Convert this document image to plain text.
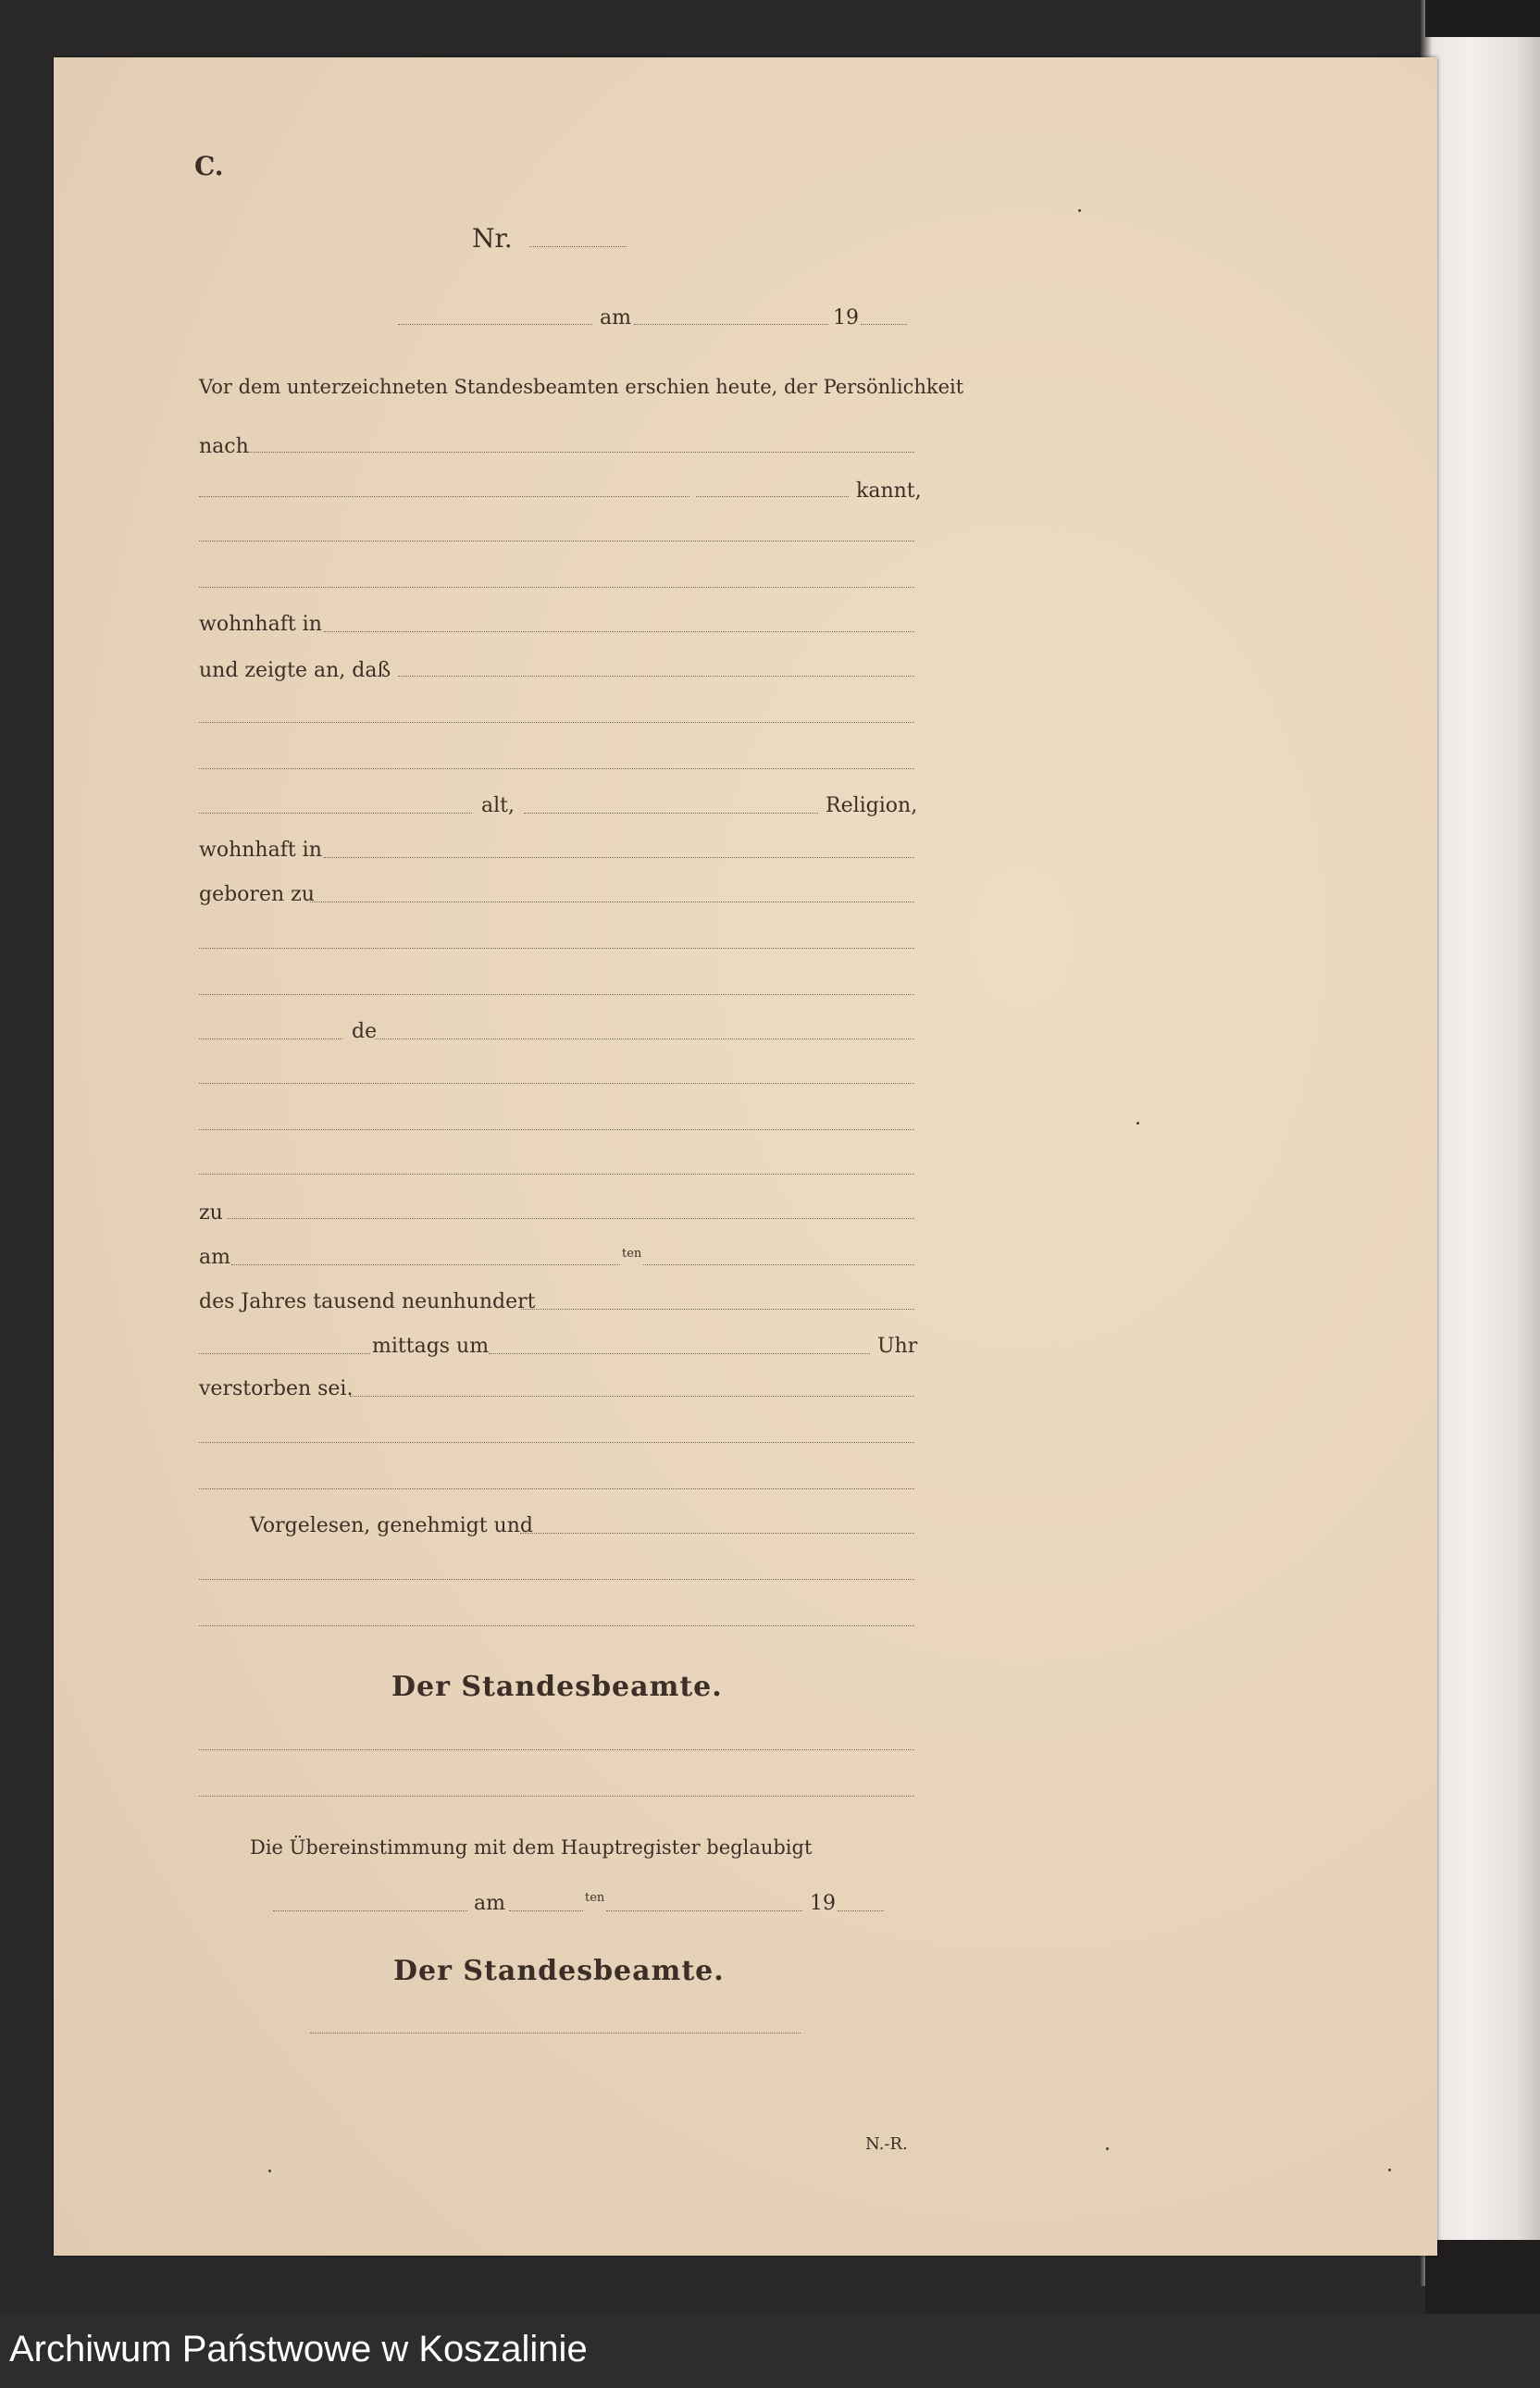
C.
Nr.
am	19
Vor dem unterzeichneten Standesbeamten erschien heute, der Persönlichkeit
nach
kannt,
wohnhaft in
und zeigte an, daß
alt,	Religion,
wohnhaft in
geboren zu
de
zu
am	ten
des Jahres tausend neunhundert
mittags um	Uhr
verstorben sei.
Vorgelesen, genehmigt und
Der Standesbeamte.
Die Übereinstimmung mit dem Hauptregister beglaubigt
am	ten	19
Der Standesbeamte.
N.-R.
Archiwum Państwowe w Koszalinie
